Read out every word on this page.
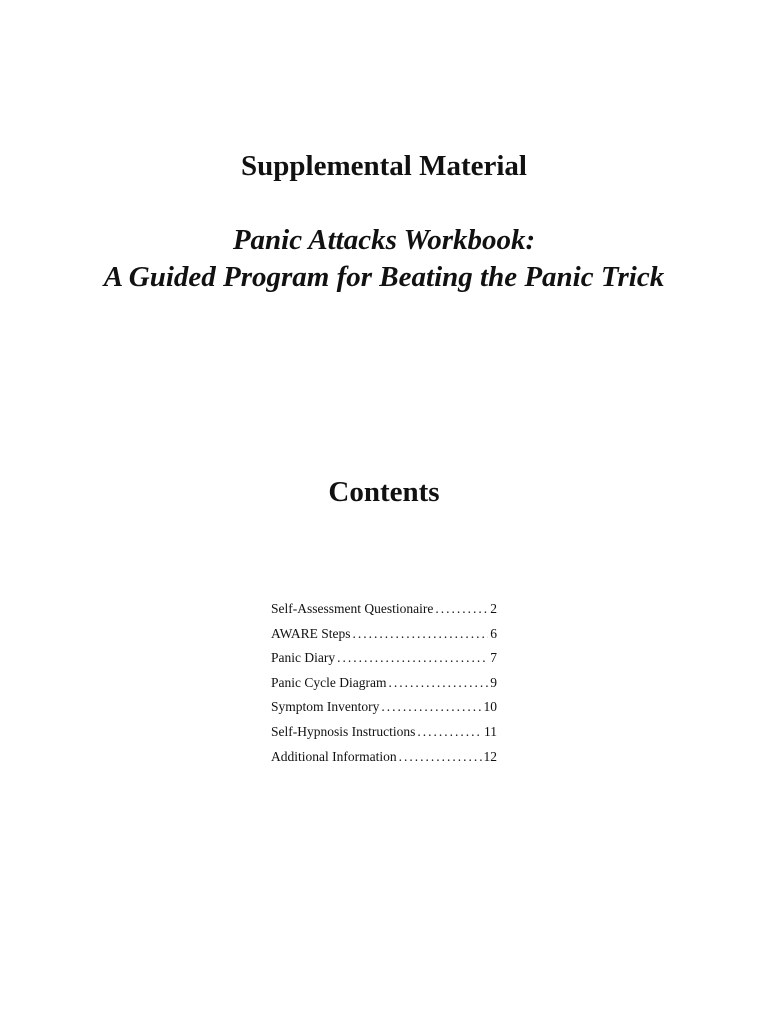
Supplemental Material
Panic Attacks Workbook:
A Guided Program for Beating the Panic Trick
Contents
Self-Assessment Questionaire .....	2
AWARE Steps .....	6
Panic Diary .....	7
Panic Cycle Diagram .....	9
Symptom Inventory .....	10
Self-Hypnosis Instructions .....	11
Additional Information .....	12
